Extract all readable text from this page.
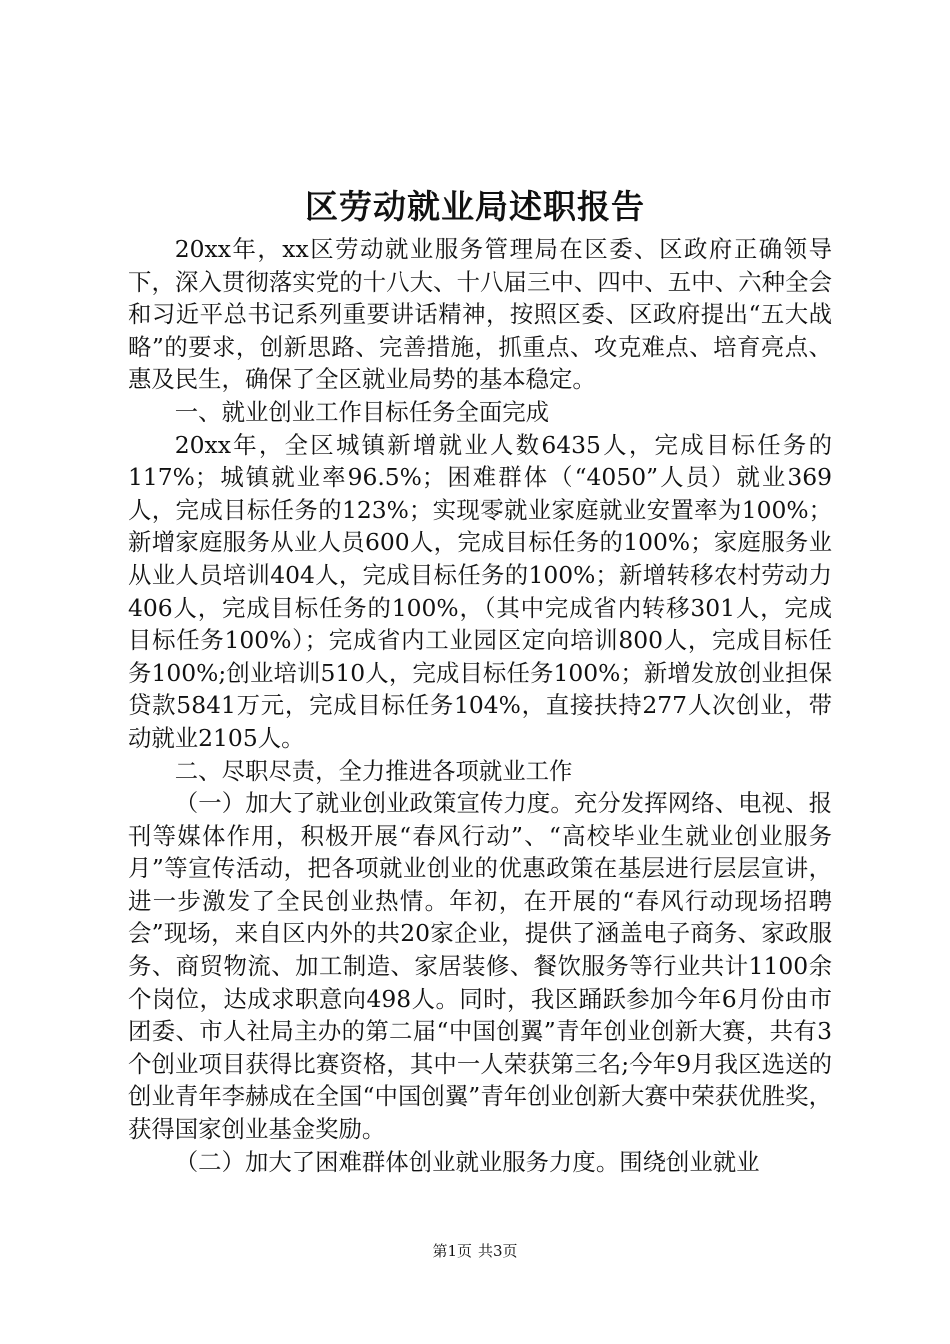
区劳动就业局述职报告

20xx年，xx区劳动就业服务管理局在区委、区政府正确领导下，深入贯彻落实党的十八大、十八届三中、四中、五中、六种全会和习近平总书记系列重要讲话精神，按照区委、区政府提出“五大战略”的要求，创新思路、完善措施，抓重点、攻克难点、培育亮点、惠及民生，确保了全区就业局势的基本稳定。

一、就业创业工作目标任务全面完成

20xx年，全区城镇新增就业人数6435人，完成目标任务的117%；城镇就业率96.5%；困难群体（“4050”人员）就业369人，完成目标任务的123%；实现零就业家庭就业安置率为100%；新增家庭服务从业人员600人，完成目标任务的100%；家庭服务业从业人员培训404人，完成目标任务的100%；新增转移农村劳动力406人，完成目标任务的100%，（其中完成省内转移301人，完成目标任务100%）；完成省内工业园区定向培训800人，完成目标任务100%;创业培训510人，完成目标任务100%；新增发放创业担保贷款5841万元，完成目标任务104%，直接扶持277人次创业，带动就业2105人。

二、尽职尽责，全力推进各项就业工作

（一）加大了就业创业政策宣传力度。充分发挥网络、电视、报刊等媒体作用，积极开展“春风行动”、“高校毕业生就业创业服务月”等宣传活动，把各项就业创业的优惠政策在基层进行层层宣讲，进一步激发了全民创业热情。年初，在开展的“春风行动现场招聘会”现场，来自区内外的共20家企业，提供了涵盖电子商务、家政服务、商贸物流、加工制造、家居装修、餐饮服务等行业共计1100余个岗位，达成求职意向498人。同时，我区踊跃参加今年6月份由市团委、市人社局主办的第二届“中国创翼”青年创业创新大赛，共有3个创业项目获得比赛资格，其中一人荣获第三名;今年9月我区选送的创业青年李赫成在全国“中国创翼”青年创业创新大赛中荣获优胜奖，获得国家创业基金奖励。

（二）加大了困难群体创业就业服务力度。围绕创业就业

第1页 共3页
